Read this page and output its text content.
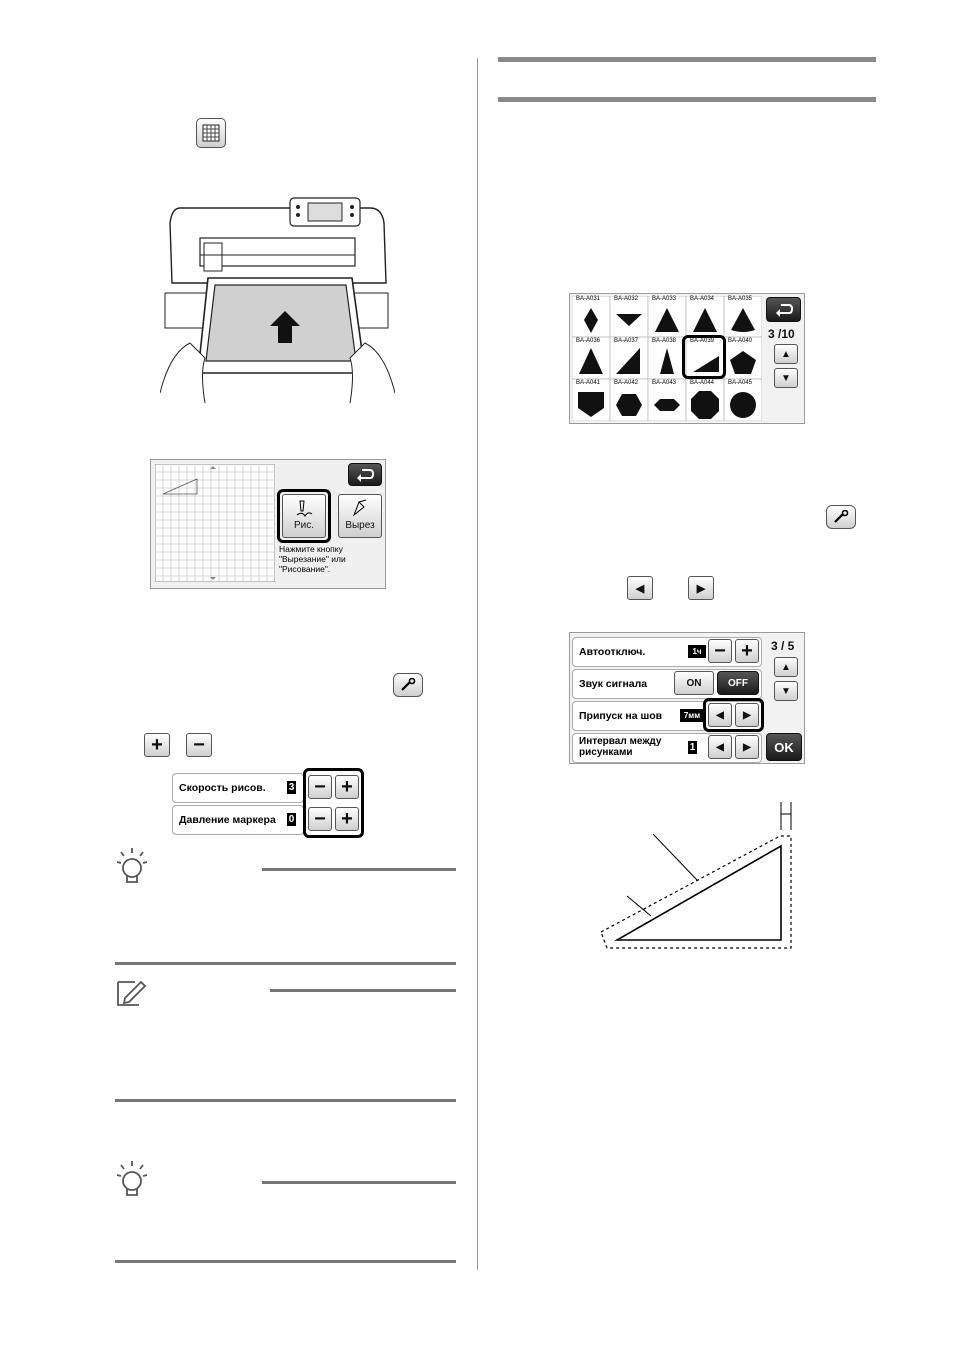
Рис.	Вырез
Нажмите кнопку "Вырезание" или "Рисование".
+	−
Скорость рисов. 3 − +
Давление маркера 0 − +
BA-A031 BA-A032 BA-A033 BA-A034 BA-A035
BA-A036 BA-A037 BA-A038 BA-A039 BA-A040
BA-A041 BA-A042 BA-A043 BA-A044 BA-A045
3 /10
▲
▼
◀	▶
Автоотключ.	1ч − +
Звук сигнала	ON	OFF
Припуск на шов	7мм	◀	▶
Интервал между
рисунками	1	◀	▶
3 / 5
▲
▼
OK
